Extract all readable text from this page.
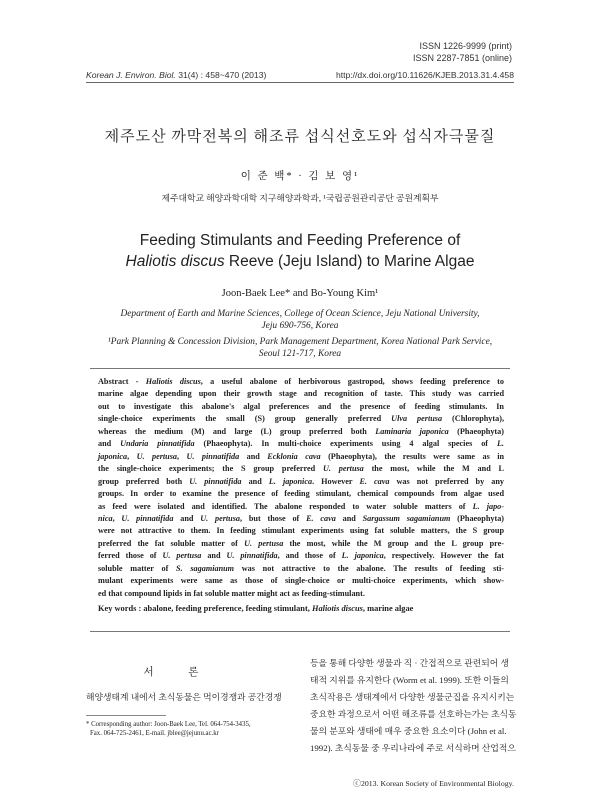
ISSN 1226-9999 (print)
ISSN 2287-7851 (online)
Korean J. Environ. Biol. 31(4) : 458~470 (2013)	http://dx.doi.org/10.11626/KJEB.2013.31.4.458
제주도산 까막전복의 해조류 섭식선호도와 섭식자극물질
이 준 백* · 김 보 영¹
제주대학교 해양과학대학 지구해양과학과, ¹국립공원관리공단 공원계획부
Feeding Stimulants and Feeding Preference of
Haliotis discus Reeve (Jeju Island) to Marine Algae
Joon-Baek Lee* and Bo-Young Kim¹
Department of Earth and Marine Sciences, College of Ocean Science, Jeju National University,
Jeju 690-756, Korea
¹Park Planning & Concession Division, Park Management Department, Korea National Park Service,
Seoul 121-717, Korea
Abstract - Haliotis discus, a useful abalone of herbivorous gastropod, shows feeding preference to
marine algae depending upon their growth stage and recognition of taste. This study was carried
out to investigate this abalone's algal preferences and the presence of feeding stimulants. In
single-choice experiments the small (S) group generally preferred Ulva pertusa (Chlorophyta),
whereas the medium (M) and large (L) group preferred both Laminaria japonica (Phaeophyta)
and Undaria pinnatifida (Phaeophyta). In multi-choice experiments using 4 algal species of L.
japonica, U. pertusa, U. pinnatifida and Ecklonia cava (Phaeophyta), the results were same as in
the single-choice experiments; the S group preferred U. pertusa the most, while the M and L
group preferred both U. pinnatifida and L. japonica. However E. cava was not preferred by any
groups. In order to examine the presence of feeding stimulant, chemical compounds from algae used
as feed were isolated and identified. The abalone responded to water soluble matters of L. japo-
nica, U. pinnatifida and U. pertusa, but those of E. cava and Sargassum sagamianum (Phaeophyta)
were not attractive to them. In feeding stimulant experiments using fat soluble matters, the S group
preferred the fat soluble matter of U. pertusa the most, while the M group and the L group pre-
ferred those of U. pertusa and U. pinnatifida, and those of L. japonica, respectively. However the fat
soluble matter of S. sagamianum was not attractive to the abalone. The results of feeding sti-
mulant experiments were same as those of single-choice or multi-choice experiments, which show-
ed that compound lipids in fat soluble matter might act as feeding-stimulant.
Key words : abalone, feeding preference, feeding stimulant, Haliotis discus, marine algae
서 론
해양생태계 내에서 초식동물은 먹이경쟁과 공간경쟁
* Corresponding author: Joon-Baek Lee, Tel. 064-754-3435,
Fax. 064-725-2461, E-mail. jblee@jejunu.ac.kr
등을 통해 다양한 생물과 직 · 간접적으로 관련되어 생
태적 지위를 유지한다 (Worm et al. 1999). 또한 이들의
초식작용은 생태계에서 다양한 생물군집을 유지시키는
중요한 과정으로서 어떤 해조류를 선호하는가는 초식동
물의 분포와 생태에 매우 중요한 요소이다 (John et al.
1992). 초식동물 중 우리나라에 주로 서식하며 산업적으
ⓒ2013. Korean Society of Environmental Biology.
